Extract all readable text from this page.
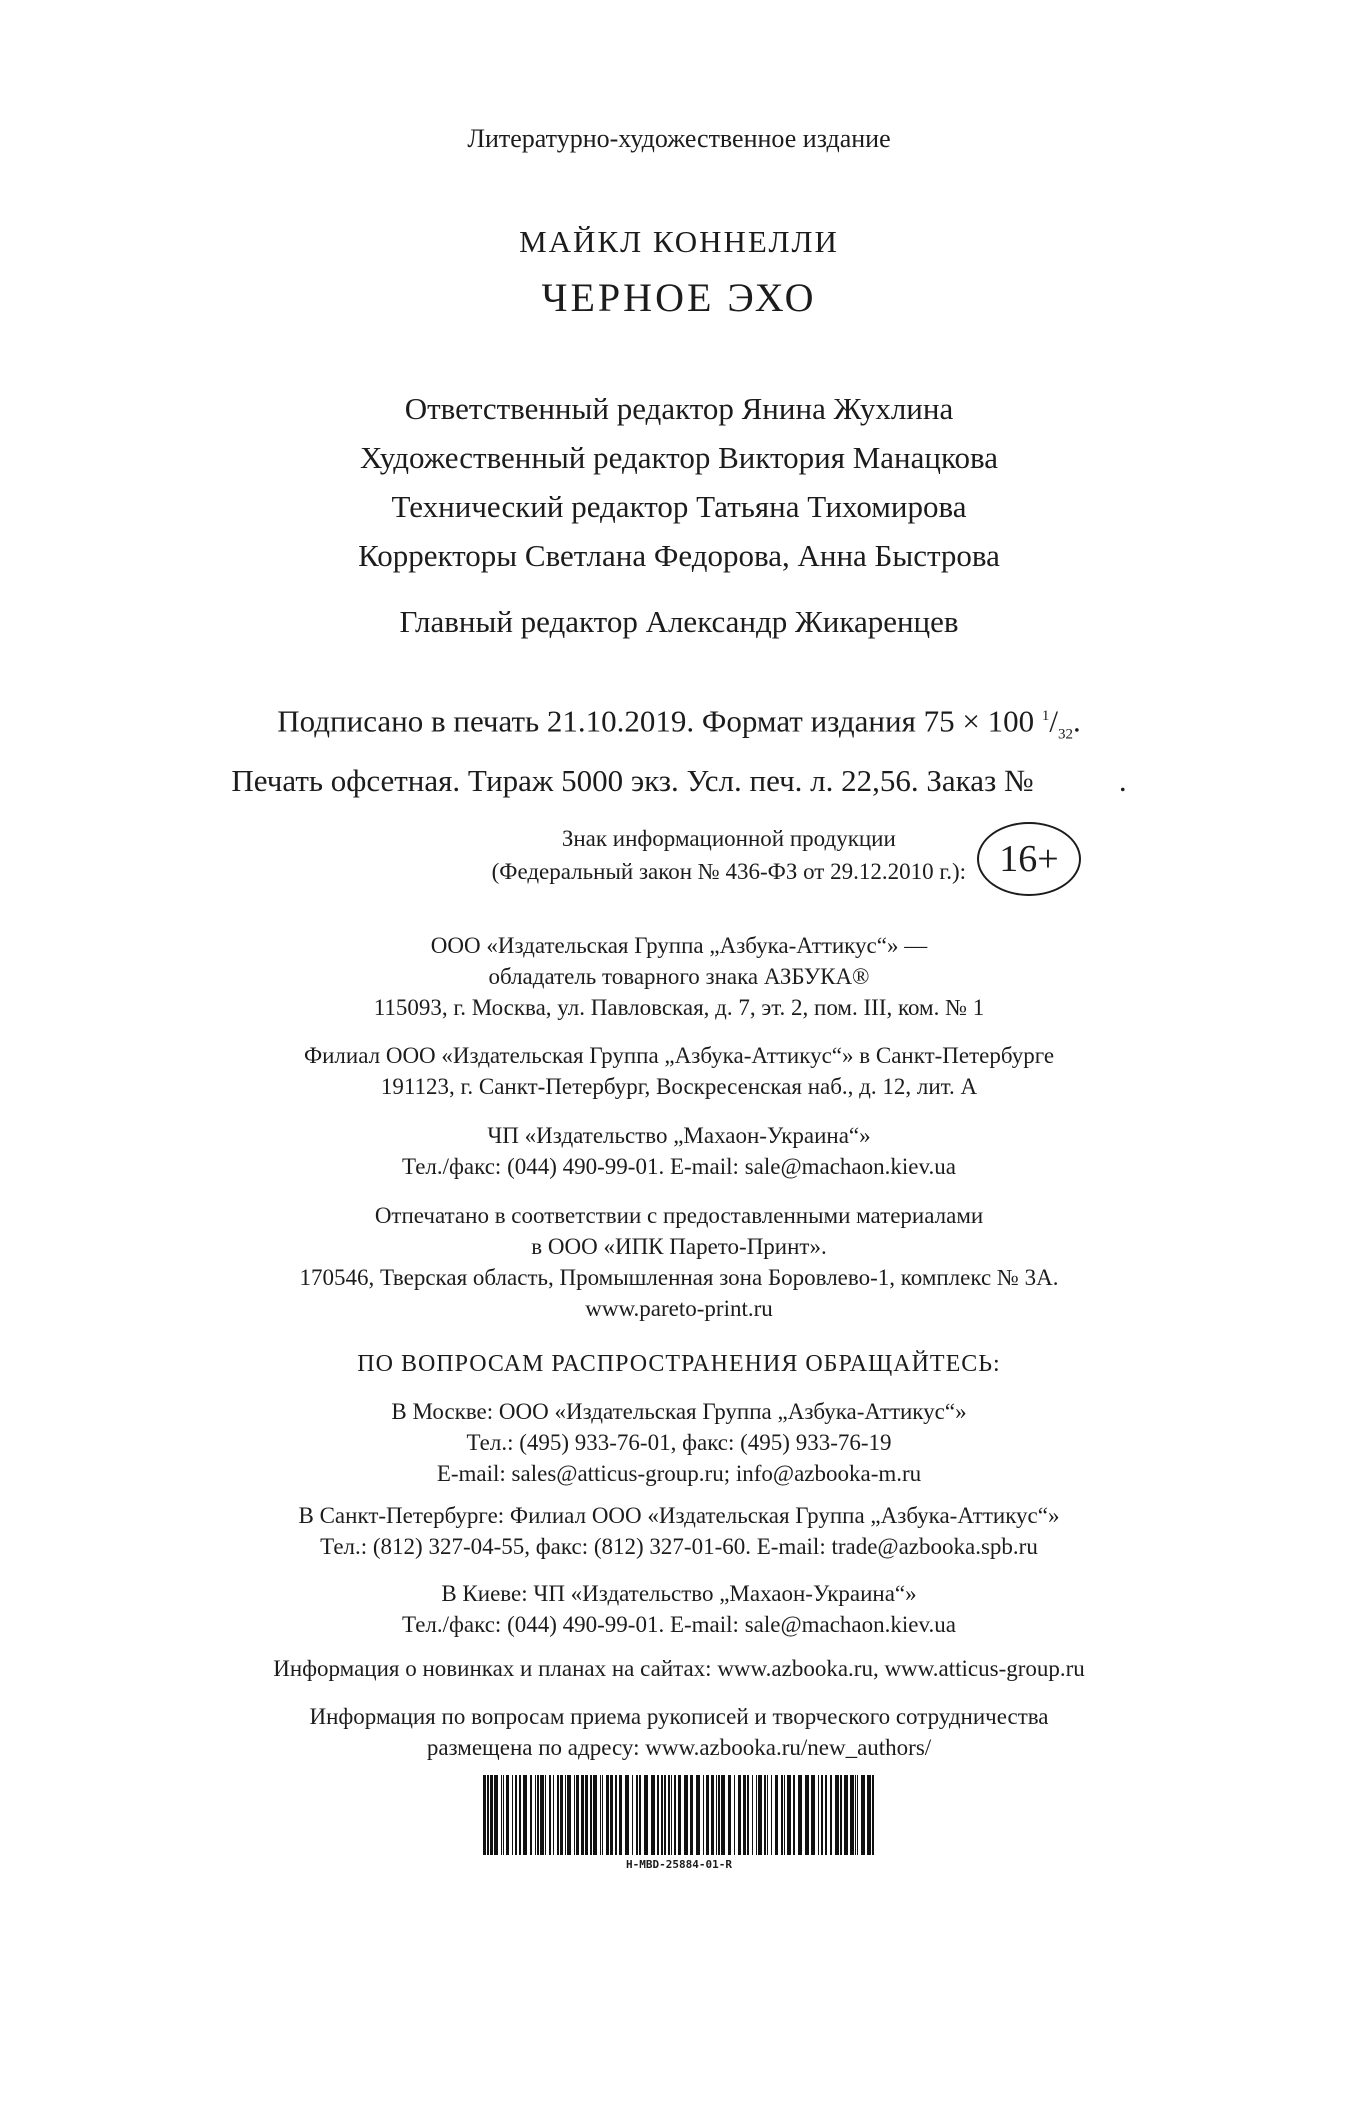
Литературно-художественное издание

МАЙКЛ КОННЕЛЛИ

ЧЕРНОЕ ЭХО

Ответственный редактор Янина Жухлина

Художественный редактор Виктория Манацкова

Технический редактор Татьяна Тихомирова

Корректоры Светлана Федорова, Анна Быстрова

Главный редактор Александр Жикаренцев

Подписано в печать 21.10.2019. Формат издания 75 × 100 $^1/_{32}$.

Печать офсетная. Тираж 5000 экз. Усл. печ. л. 22,56. Заказ №           .

Знак информационной продукции

(Федеральный закон № 436-ФЗ от 29.12.2010 г.): 16+

ООО «Издательская Группа „Азбука-Аттикус“» —

обладатель товарного знака АЗБУКА®

115093, г. Москва, ул. Павловская, д. 7, эт. 2, пом. III, ком. № 1

Филиал ООО «Издательская Группа „Азбука-Аттикус“» в Санкт-Петербурге

191123, г. Санкт-Петербург, Воскресенская наб., д. 12, лит. А

ЧП «Издательство „Махаон-Украина“»

Тел./факс: (044) 490-99-01. E-mail: sale@machaon.kiev.ua

Отпечатано в соответствии с предоставленными материалами

в ООО «ИПК Парето-Принт».

170546, Тверская область, Промышленная зона Боровлево-1, комплекс № 3А.

www.pareto-print.ru

ПО ВОПРОСАМ РАСПРОСТРАНЕНИЯ ОБРАЩАЙТЕСЬ:

В Москве: ООО «Издательская Группа „Азбука-Аттикус“»

Тел.: (495) 933-76-01, факс: (495) 933-76-19

E-mail: sales@atticus-group.ru; info@azbooka-m.ru

В Санкт-Петербурге: Филиал ООО «Издательская Группа „Азбука-Аттикус“»

Тел.: (812) 327-04-55, факс: (812) 327-01-60. E-mail: trade@azbooka.spb.ru

В Киеве: ЧП «Издательство „Махаон-Украина“»

Тел./факс: (044) 490-99-01. E-mail: sale@machaon.kiev.ua

Информация о новинках и планах на сайтах: www.azbooka.ru, www.atticus-group.ru

Информация по вопросам приема рукописей и творческого сотрудничества

размещена по адресу: www.azbooka.ru/new_authors/

H-MBD-25884-01-R
